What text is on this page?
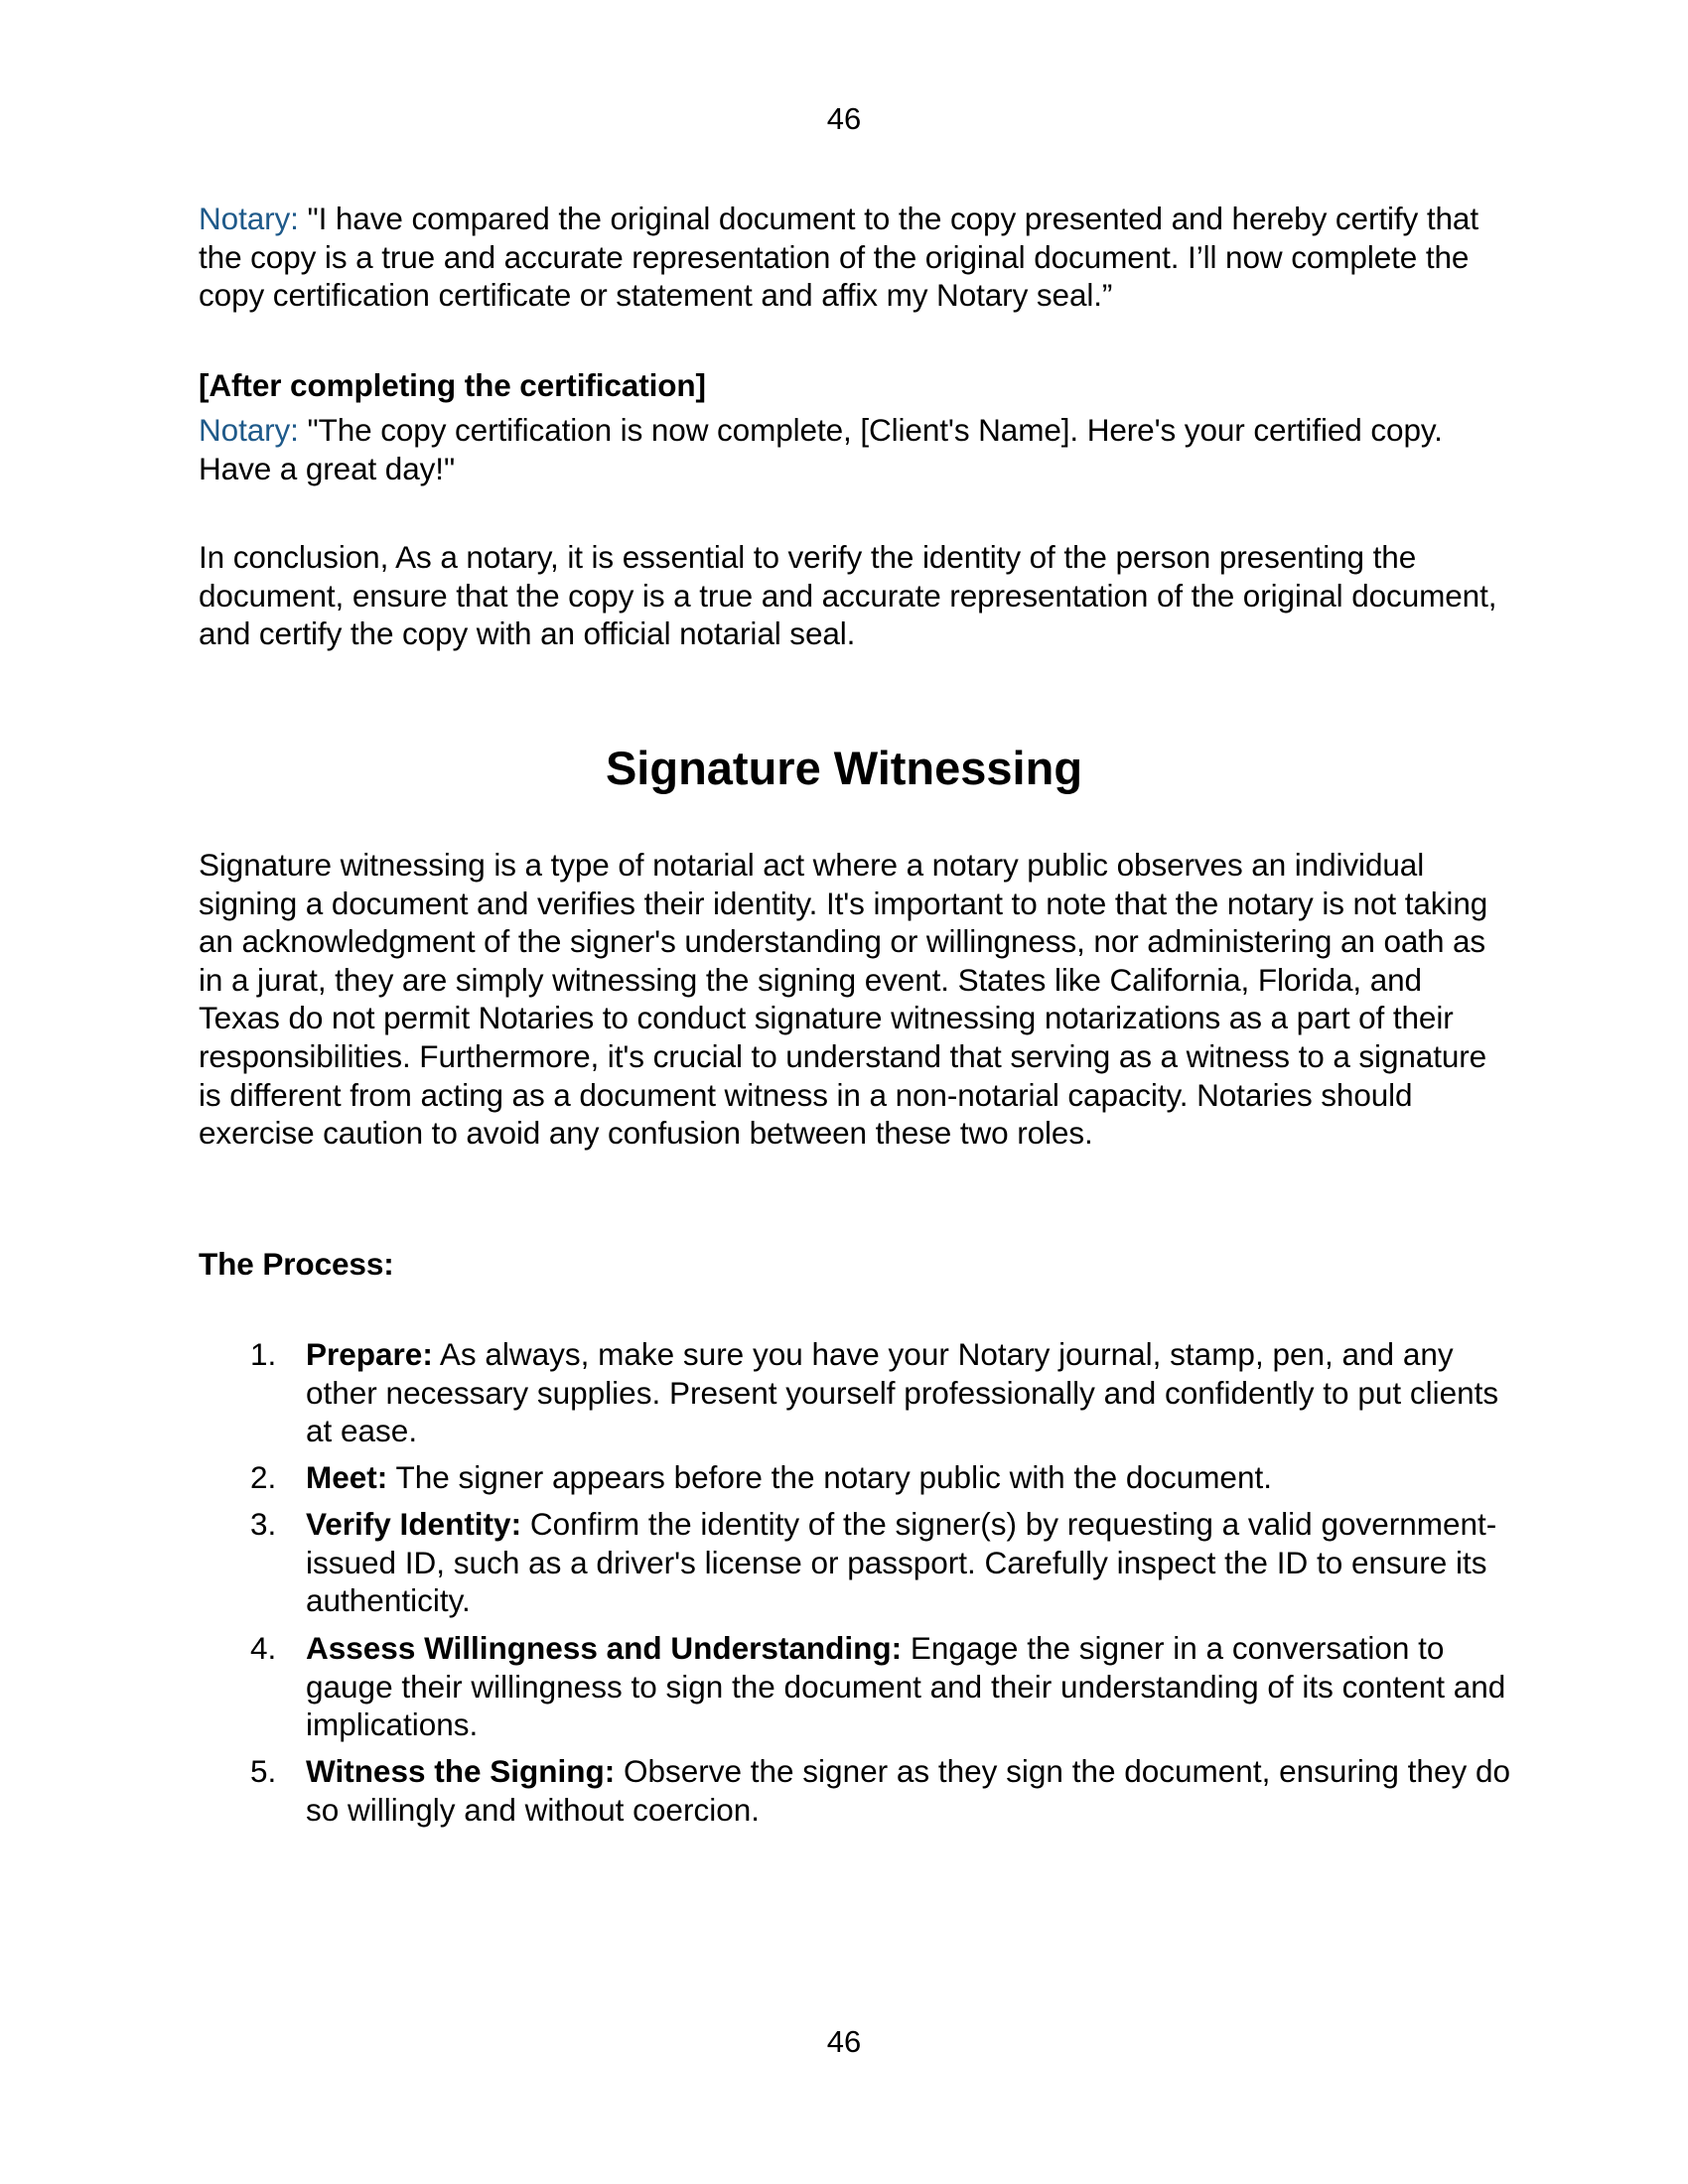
46
Notary: "I have compared the original document to the copy presented and hereby certify that the copy is a true and accurate representation of the original document. I’ll now complete the copy certification certificate or statement and affix my Notary seal.”
[After completing the certification]
Notary: "The copy certification is now complete, [Client's Name]. Here's your certified copy. Have a great day!"
In conclusion, As a notary, it is essential to verify the identity of the person presenting the document, ensure that the copy is a true and accurate representation of the original document, and certify the copy with an official notarial seal.
Signature Witnessing
Signature witnessing is a type of notarial act where a notary public observes an individual signing a document and verifies their identity. It's important to note that the notary is not taking an acknowledgment of the signer's understanding or willingness, nor administering an oath as in a jurat, they are simply witnessing the signing event. States like California, Florida, and Texas do not permit Notaries to conduct signature witnessing notarizations as a part of their responsibilities. Furthermore, it's crucial to understand that serving as a witness to a signature is different from acting as a document witness in a non-notarial capacity. Notaries should exercise caution to avoid any confusion between these two roles.
The Process:
1. Prepare: As always, make sure you have your Notary journal, stamp, pen, and any other necessary supplies. Present yourself professionally and confidently to put clients at ease.
2. Meet: The signer appears before the notary public with the document.
3. Verify Identity: Confirm the identity of the signer(s) by requesting a valid government-issued ID, such as a driver's license or passport. Carefully inspect the ID to ensure its authenticity.
4. Assess Willingness and Understanding: Engage the signer in a conversation to gauge their willingness to sign the document and their understanding of its content and implications.
5. Witness the Signing: Observe the signer as they sign the document, ensuring they do so willingly and without coercion.
46
